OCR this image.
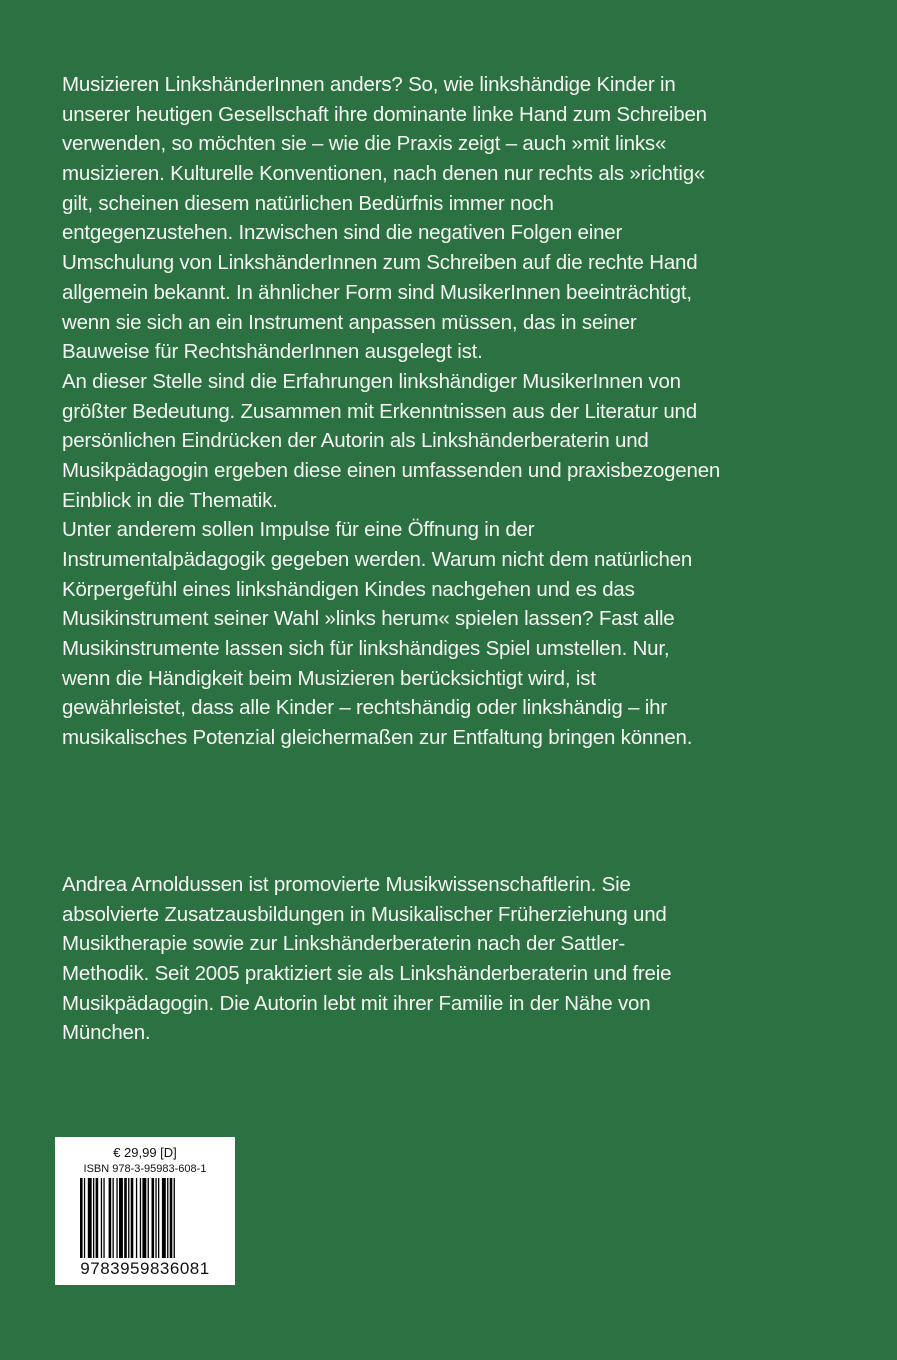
Musizieren LinkshänderInnen anders? So, wie linkshändige Kinder in
unserer heutigen Gesellschaft ihre dominante linke Hand zum Schreiben
verwenden, so möchten sie – wie die Praxis zeigt – auch »mit links«
musizieren. Kulturelle Konventionen, nach denen nur rechts als »richtig«
gilt, scheinen diesem natürlichen Bedürfnis immer noch
entgegenzustehen. Inzwischen sind die negativen Folgen einer
Umschulung von LinkshänderInnen zum Schreiben auf die rechte Hand
allgemein bekannt. In ähnlicher Form sind MusikerInnen beeinträchtigt,
wenn sie sich an ein Instrument anpassen müssen, das in seiner
Bauweise für RechtshänderInnen ausgelegt ist.
An dieser Stelle sind die Erfahrungen linkshändiger MusikerInnen von
größter Bedeutung. Zusammen mit Erkenntnissen aus der Literatur und
persönlichen Eindrücken der Autorin als Linkshänderberaterin und
Musikpädagogin ergeben diese einen umfassenden und praxisbezogenen
Einblick in die Thematik.
Unter anderem sollen Impulse für eine Öffnung in der
Instrumentalpädagogik gegeben werden. Warum nicht dem natürlichen
Körpergefühl eines linkshändigen Kindes nachgehen und es das
Musikinstrument seiner Wahl »links herum« spielen lassen? Fast alle
Musikinstrumente lassen sich für linkshändiges Spiel umstellen. Nur,
wenn die Händigkeit beim Musizieren berücksichtigt wird, ist
gewährleistet, dass alle Kinder – rechtshändig oder linkshändig – ihr
musikalisches Potenzial gleichermaßen zur Entfaltung bringen können.
Andrea Arnoldussen ist promovierte Musikwissenschaftlerin. Sie
absolvierte Zusatzausbildungen in Musikalischer Früherziehung und
Musiktherapie sowie zur Linkshänderberaterin nach der Sattler-
Methodik. Seit 2005 praktiziert sie als Linkshänderberaterin und freie
Musikpädagogin. Die Autorin lebt mit ihrer Familie in der Nähe von
München.
€ 29,99 [D]
ISBN 978-3-95983-608-1
9783959836081
